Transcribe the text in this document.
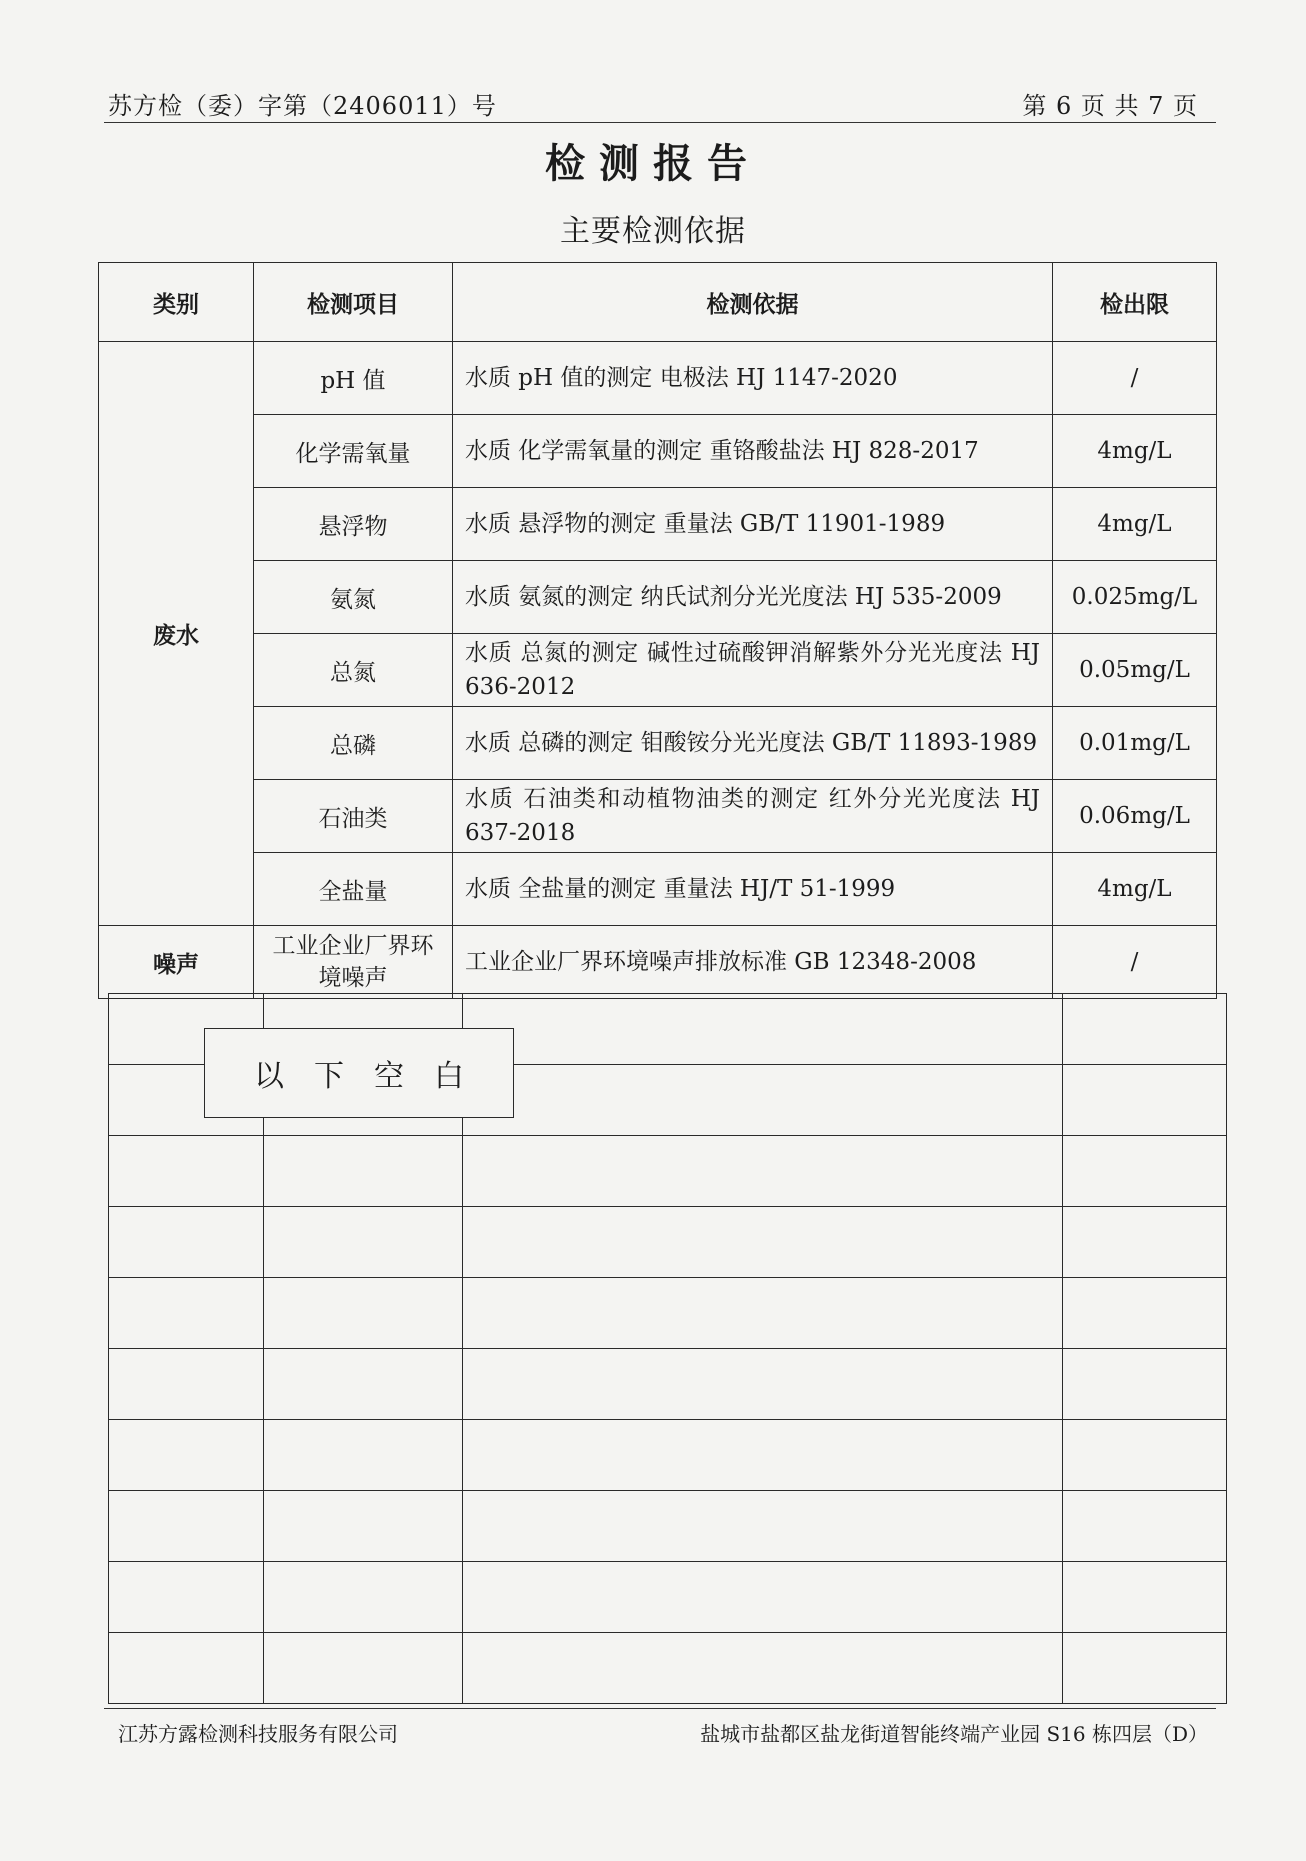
苏方检（委）字第（2406011）号	第 6 页 共 7 页
检测报告
主要检测依据
类别	检测项目	检测依据	检出限
废水	pH 值	水质 pH 值的测定 电极法 HJ 1147-2020	/
	化学需氧量	水质 化学需氧量的测定 重铬酸盐法 HJ 828-2017	4mg/L
	悬浮物	水质 悬浮物的测定 重量法 GB/T 11901-1989	4mg/L
	氨氮	水质 氨氮的测定 纳氏试剂分光光度法 HJ 535-2009	0.025mg/L
	总氮	水质 总氮的测定 碱性过硫酸钾消解紫外分光光度法 HJ 636-2012	0.05mg/L
	总磷	水质 总磷的测定 钼酸铵分光光度法 GB/T 11893-1989	0.01mg/L
	石油类	水质 石油类和动植物油类的测定 红外分光光度法 HJ 637-2018	0.06mg/L
	全盐量	水质 全盐量的测定 重量法 HJ/T 51-1999	4mg/L
噪声	工业企业厂界环境噪声	工业企业厂界环境噪声排放标准 GB 12348-2008	/

以下空白
江苏方露检测科技服务有限公司	盐城市盐都区盐龙街道智能终端产业园 S16 栋四层（D）
